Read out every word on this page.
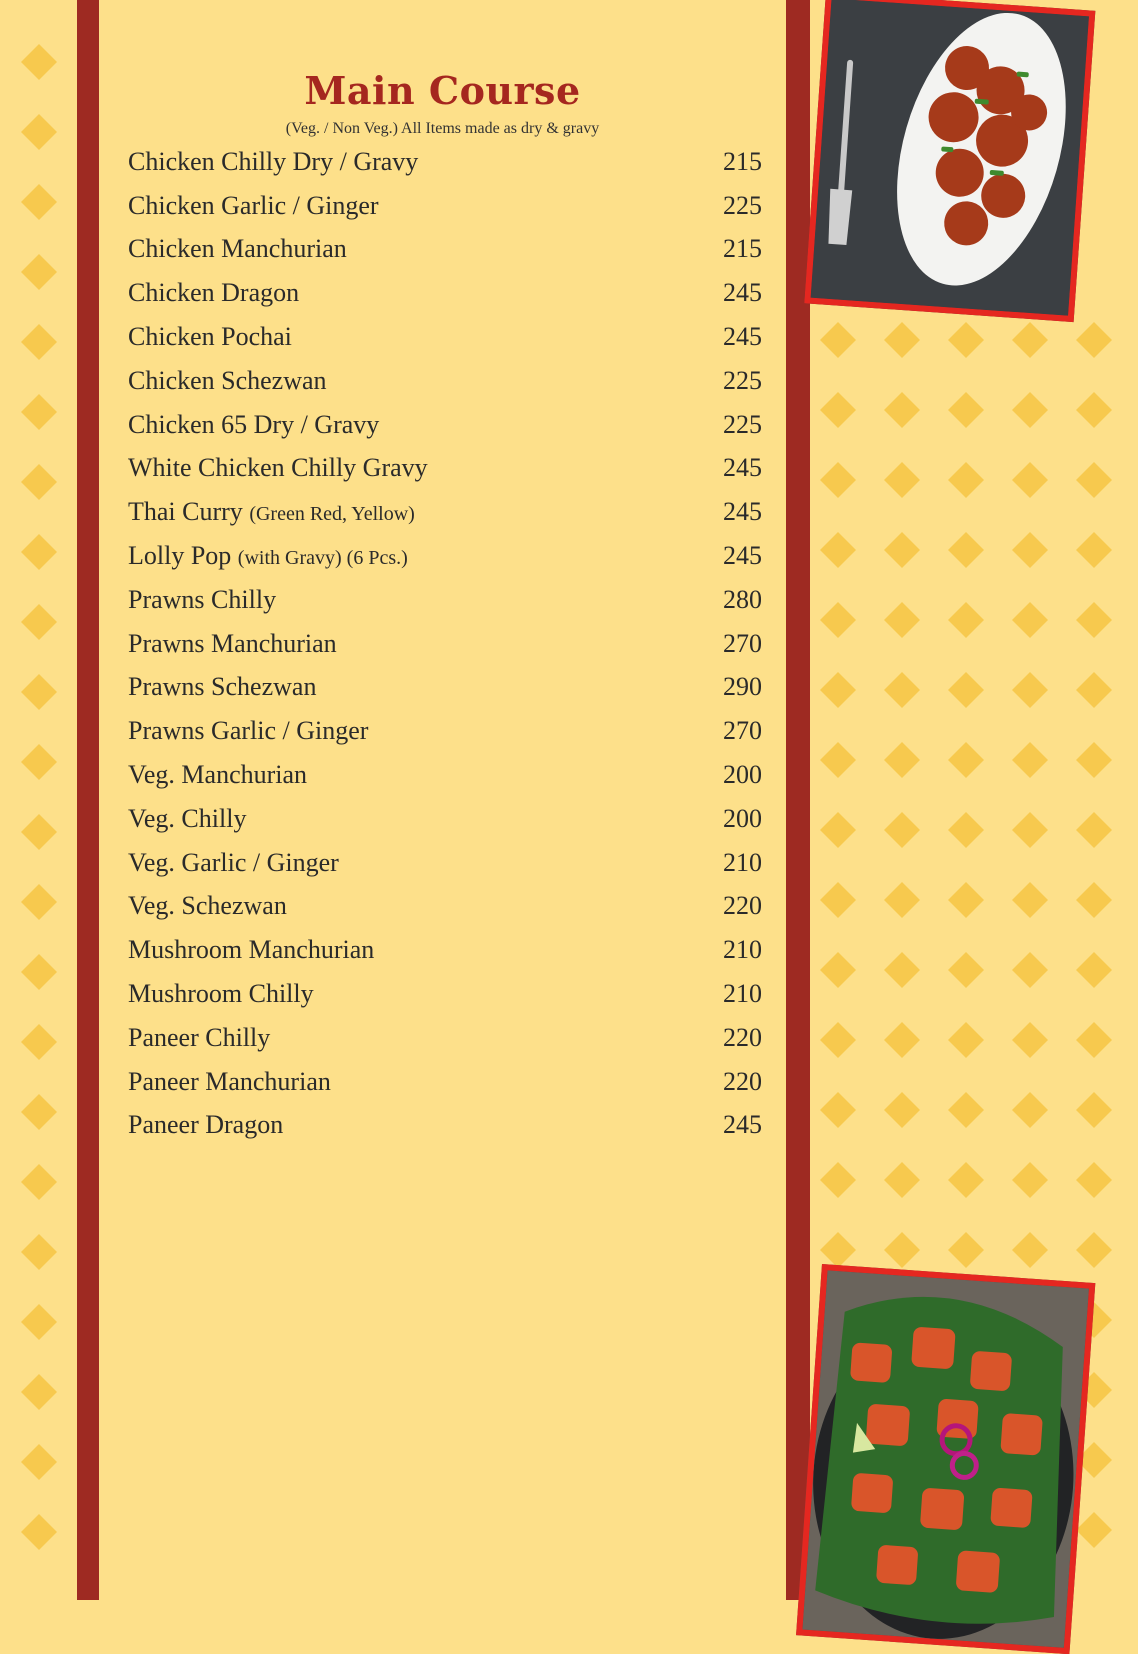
Main Course
(Veg. / Non Veg.) All Items made as dry & gravy
Chicken Chilly Dry / Gravy	215
Chicken Garlic / Ginger	225
Chicken Manchurian	215
Chicken Dragon	245
Chicken Pochai	245
Chicken Schezwan	225
Chicken 65 Dry / Gravy	225
White Chicken Chilly Gravy	245
Thai Curry (Green Red, Yellow)	245
Lolly Pop (with Gravy) (6 Pcs.)	245
Prawns Chilly	280
Prawns Manchurian	270
Prawns Schezwan	290
Prawns Garlic / Ginger	270
Veg. Manchurian	200
Veg. Chilly	200
Veg. Garlic / Ginger	210
Veg. Schezwan	220
Mushroom Manchurian	210
Mushroom Chilly	210
Paneer Chilly	220
Paneer Manchurian	220
Paneer Dragon	245
